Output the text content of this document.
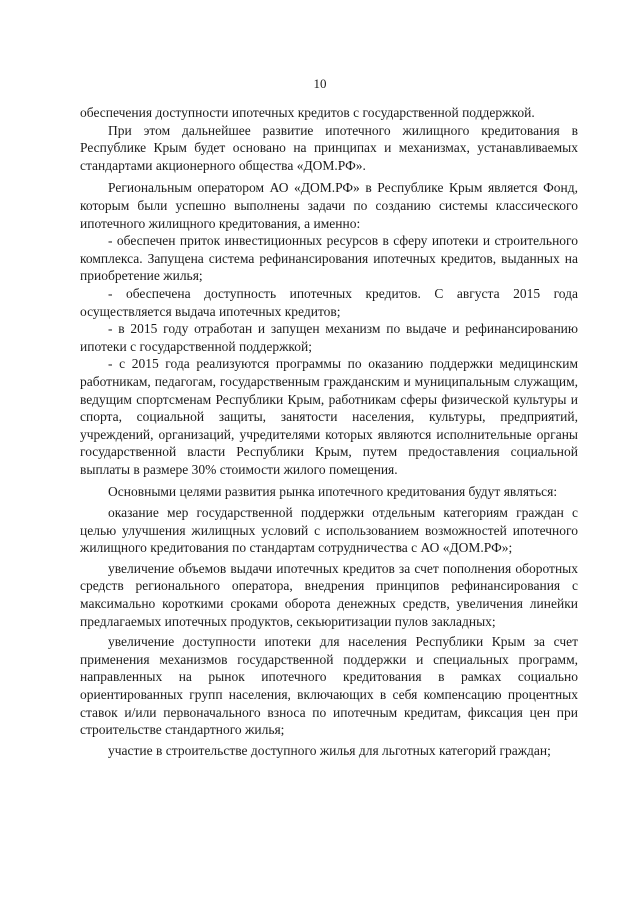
10

обеспечения доступности ипотечных кредитов с государственной поддержкой.

При этом дальнейшее развитие ипотечного жилищного кредитования в Республике Крым будет основано на принципах и механизмах, устанавливаемых стандартами акционерного общества «ДОМ.РФ».

Региональным оператором АО «ДОМ.РФ» в Республике Крым является Фонд, которым были успешно выполнены задачи по созданию системы классического ипотечного жилищного кредитования, а именно:

- обеспечен приток инвестиционных ресурсов в сферу ипотеки и строительного комплекса. Запущена система рефинансирования ипотечных кредитов, выданных на приобретение жилья;

- обеспечена доступность ипотечных кредитов. С августа 2015 года осуществляется выдача ипотечных кредитов;

- в 2015 году отработан и запущен механизм по выдаче и рефинансированию ипотеки с государственной поддержкой;

- с 2015 года реализуются программы по оказанию поддержки медицинским работникам, педагогам, государственным гражданским и муниципальным служащим, ведущим спортсменам Республики Крым, работникам сферы физической культуры и спорта, социальной защиты, занятости населения, культуры, предприятий, учреждений, организаций, учредителями которых являются исполнительные органы государственной власти Республики Крым, путем предоставления социальной выплаты в размере 30% стоимости жилого помещения.

Основными целями развития рынка ипотечного кредитования будут являться:

оказание мер государственной поддержки отдельным категориям граждан с целью улучшения жилищных условий с использованием возможностей ипотечного жилищного кредитования по стандартам сотрудничества с АО «ДОМ.РФ»;

увеличение объемов выдачи ипотечных кредитов за счет пополнения оборотных средств регионального оператора, внедрения принципов рефинансирования с максимально короткими сроками оборота денежных средств, увеличения линейки предлагаемых ипотечных продуктов, секьюритизации пулов закладных;

увеличение доступности ипотеки для населения Республики Крым за счет применения механизмов государственной поддержки и специальных программ, направленных на рынок ипотечного кредитования в рамках социально ориентированных групп населения, включающих в себя компенсацию процентных ставок и/или первоначального взноса по ипотечным кредитам, фиксация цен при строительстве стандартного жилья;

участие в строительстве доступного жилья для льготных категорий граждан;
